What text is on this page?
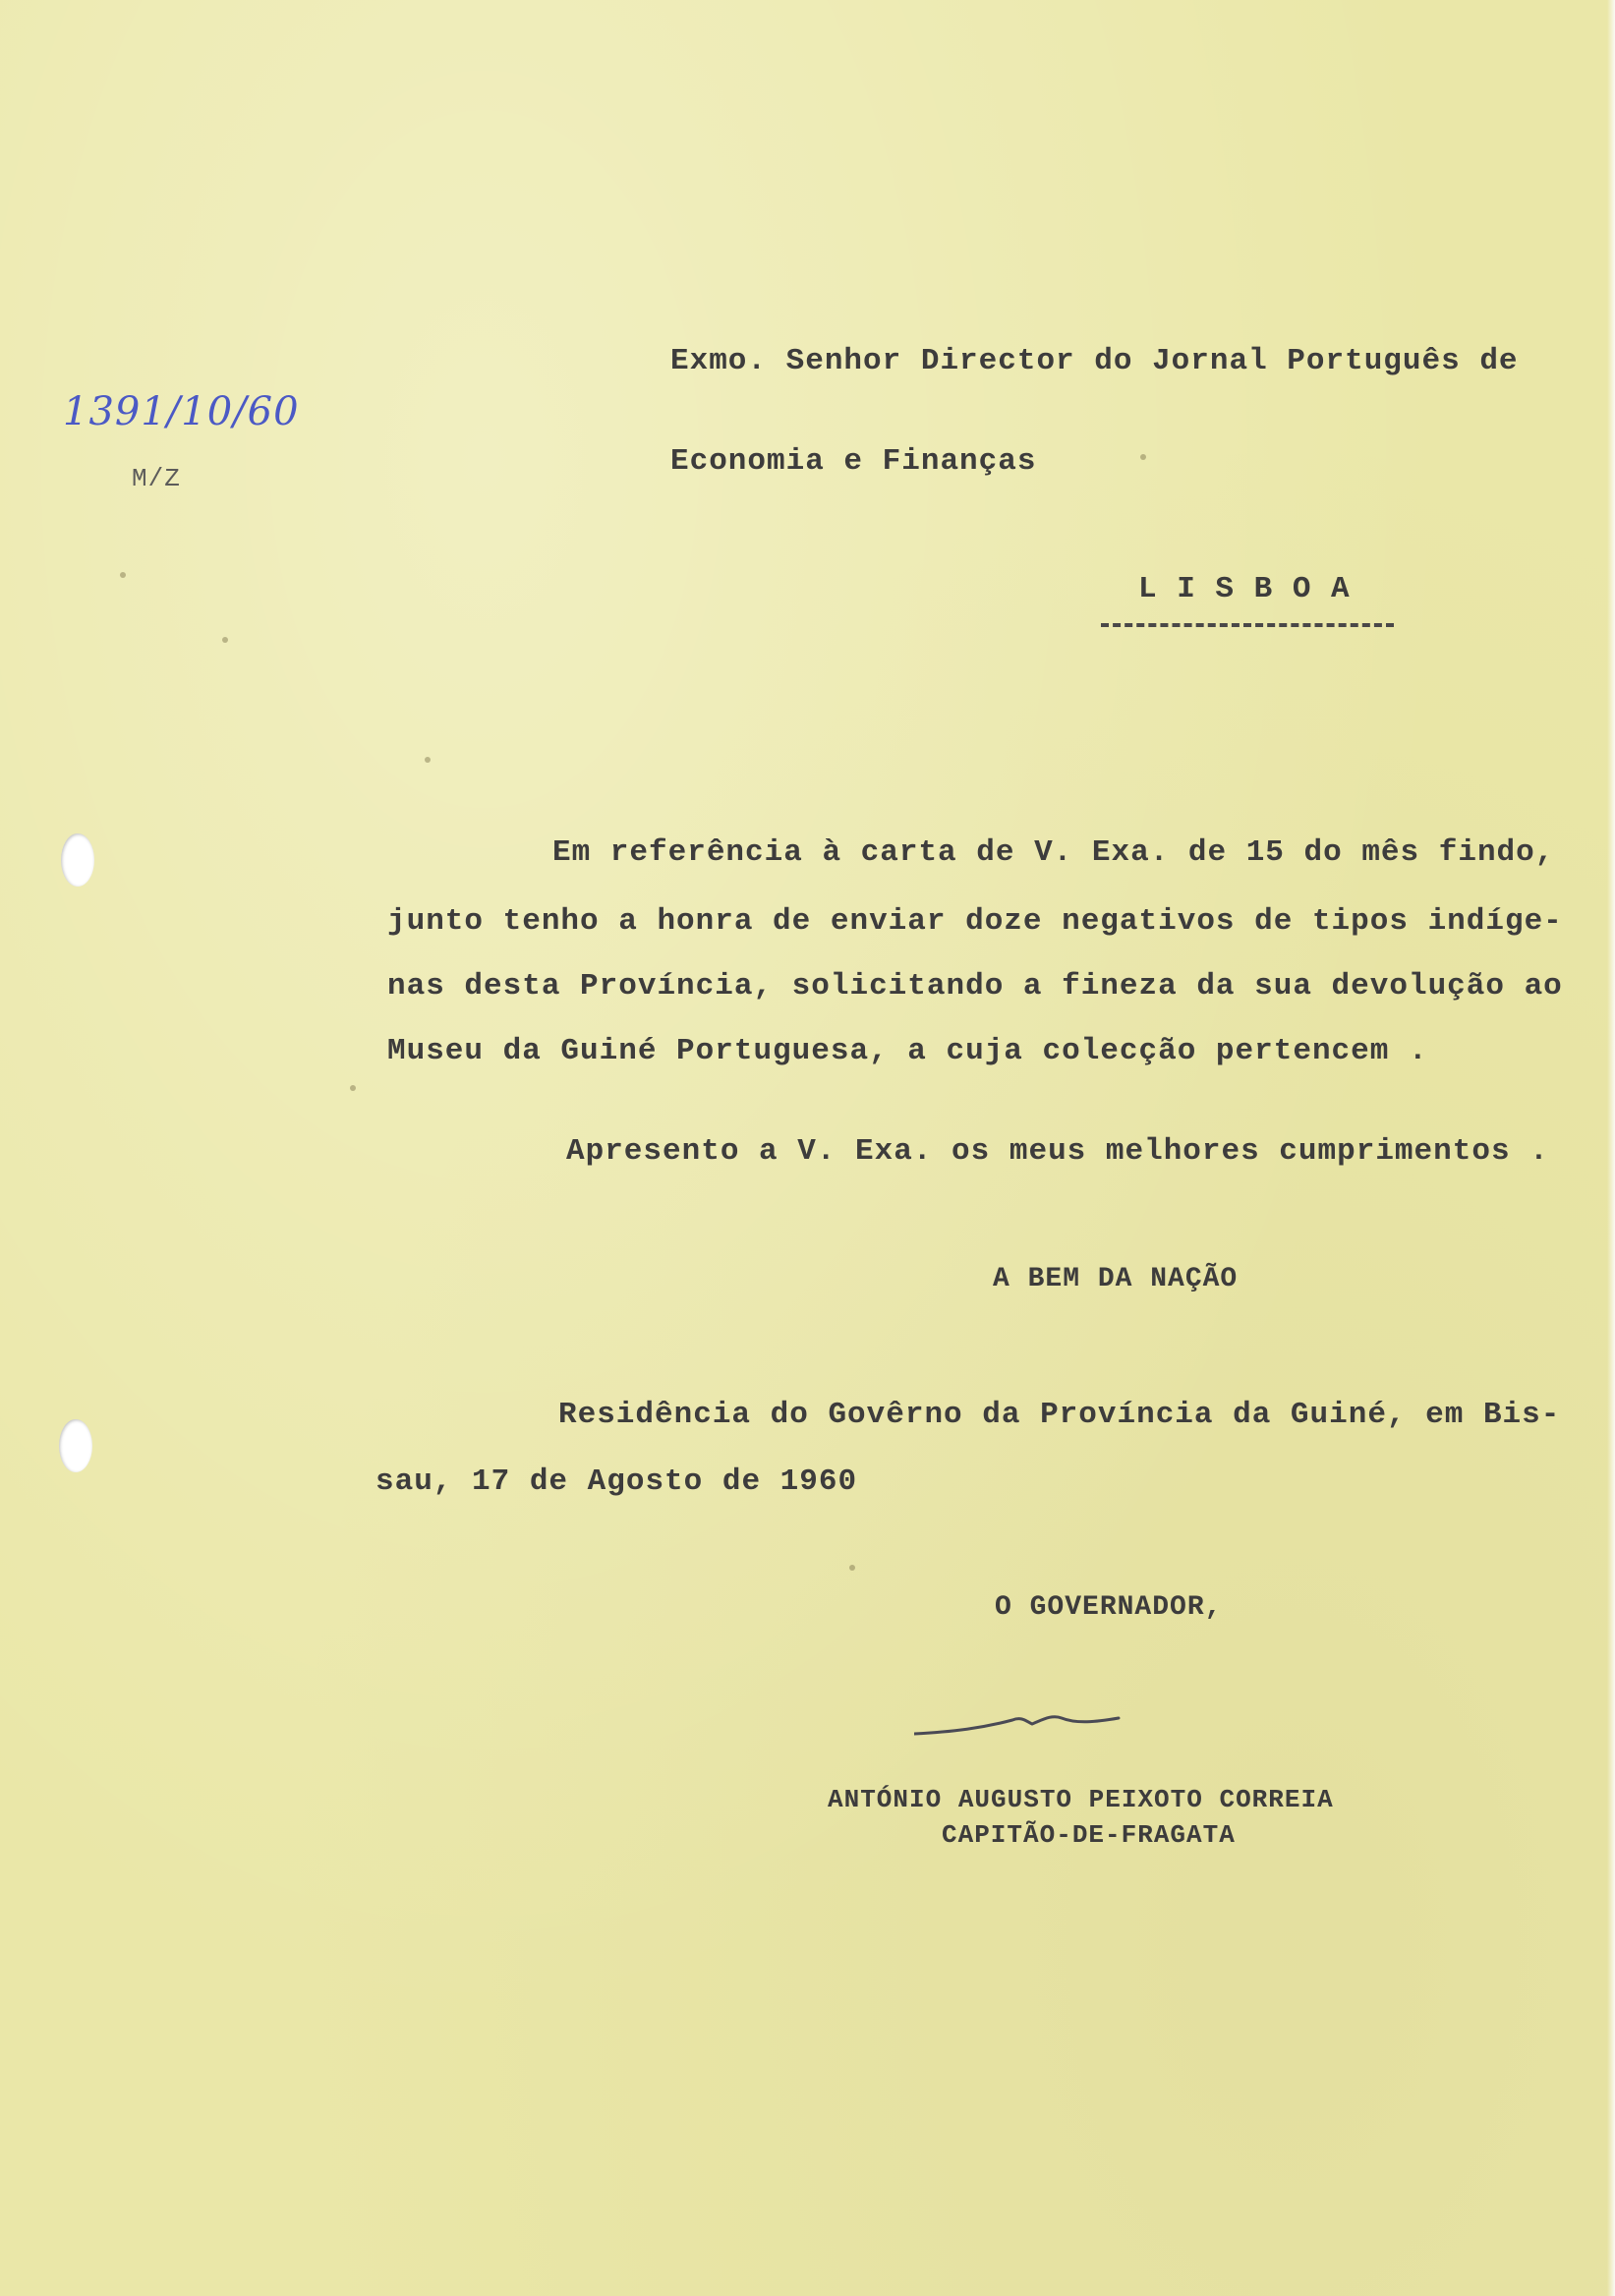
1391/10/60
M/Z
Exmo. Senhor Director do Jornal Português de
Economia e Finanças
L I S B O A
Em referência à carta de V. Exa. de 15 do mês findo,
junto tenho a honra de enviar doze negativos de tipos indíge-
nas desta Província, solicitando a fineza da sua devolução ao
Museu da Guiné Portuguesa, a cuja colecção pertencem .
Apresento a V. Exa. os meus melhores cumprimentos .
A BEM DA NAÇÃO
Residência do Govêrno da Província da Guiné, em Bis-
sau, 17 de Agosto de 1960
O GOVERNADOR,
ANTÓNIO AUGUSTO PEIXOTO CORREIA
CAPITÃO-DE-FRAGATA
